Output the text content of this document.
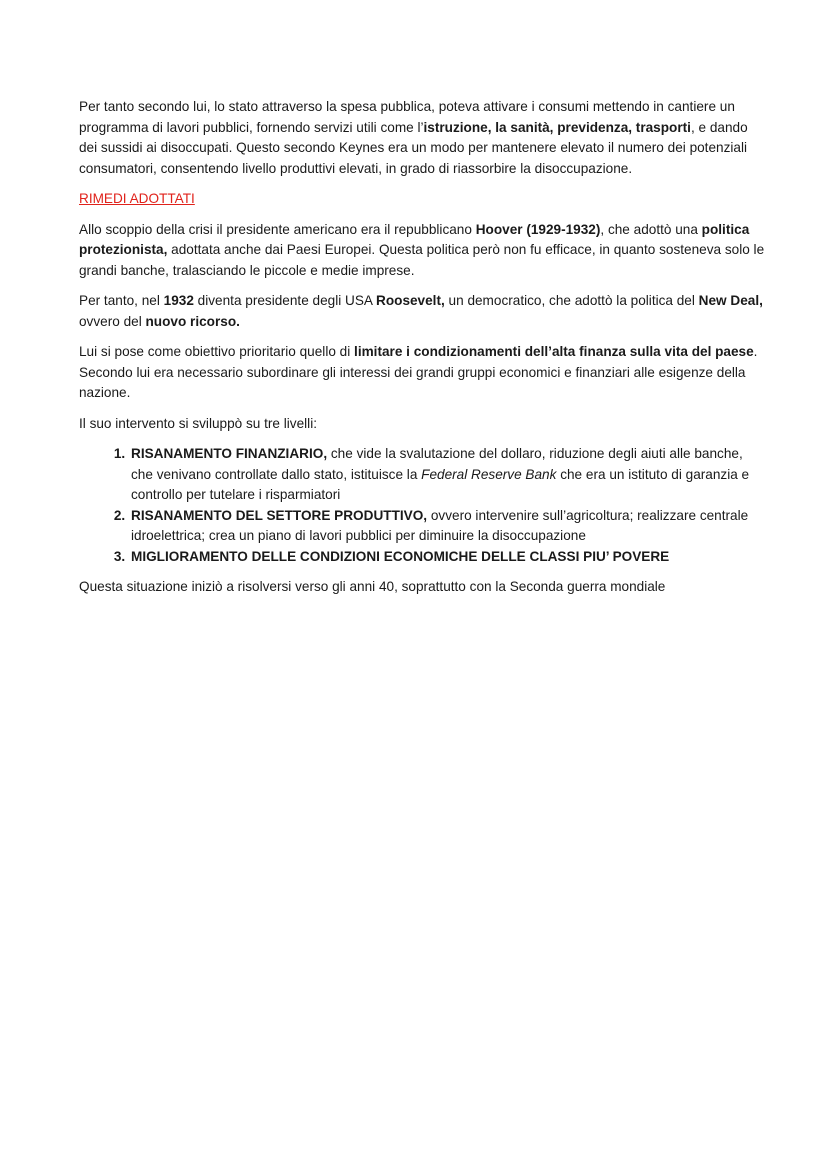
Per tanto secondo lui, lo stato attraverso la spesa pubblica, poteva attivare i consumi mettendo in cantiere un programma di lavori pubblici, fornendo servizi utili come l’istruzione, la sanità, previdenza, trasporti, e dando dei sussidi ai disoccupati. Questo secondo Keynes era un modo per mantenere elevato il numero dei potenziali consumatori, consentendo livello produttivi elevati, in grado di riassorbire la disoccupazione.

RIMEDI ADOTTATI

Allo scoppio della crisi il presidente americano era il repubblicano Hoover (1929-1932), che adottò una politica protezionista, adottata anche dai Paesi Europei. Questa politica però non fu efficace, in quanto sosteneva solo le grandi banche, tralasciando le piccole e medie imprese.

Per tanto, nel 1932 diventa presidente degli USA Roosevelt, un democratico, che adottò la politica del New Deal, ovvero del nuovo ricorso.

Lui si pose come obiettivo prioritario quello di limitare i condizionamenti dell’alta finanza sulla vita del paese. Secondo lui era necessario subordinare gli interessi dei grandi gruppi economici e finanziari alle esigenze della nazione.

Il suo intervento si sviluppò su tre livelli:

1. RISANAMENTO FINANZIARIO, che vide la svalutazione del dollaro, riduzione degli aiuti alle banche, che venivano controllate dallo stato, istituisce la Federal Reserve Bank che era un istituto di garanzia e controllo per tutelare i risparmiatori
2. RISANAMENTO DEL SETTORE PRODUTTIVO, ovvero intervenire sull’agricoltura; realizzare centrale idroelettrica; crea un piano di lavori pubblici per diminuire la disoccupazione
3. MIGLIORAMENTO DELLE CONDIZIONI ECONOMICHE DELLE CLASSI PIU’ POVERE

Questa situazione iniziò a risolversi verso gli anni 40, soprattutto con la Seconda guerra mondiale
